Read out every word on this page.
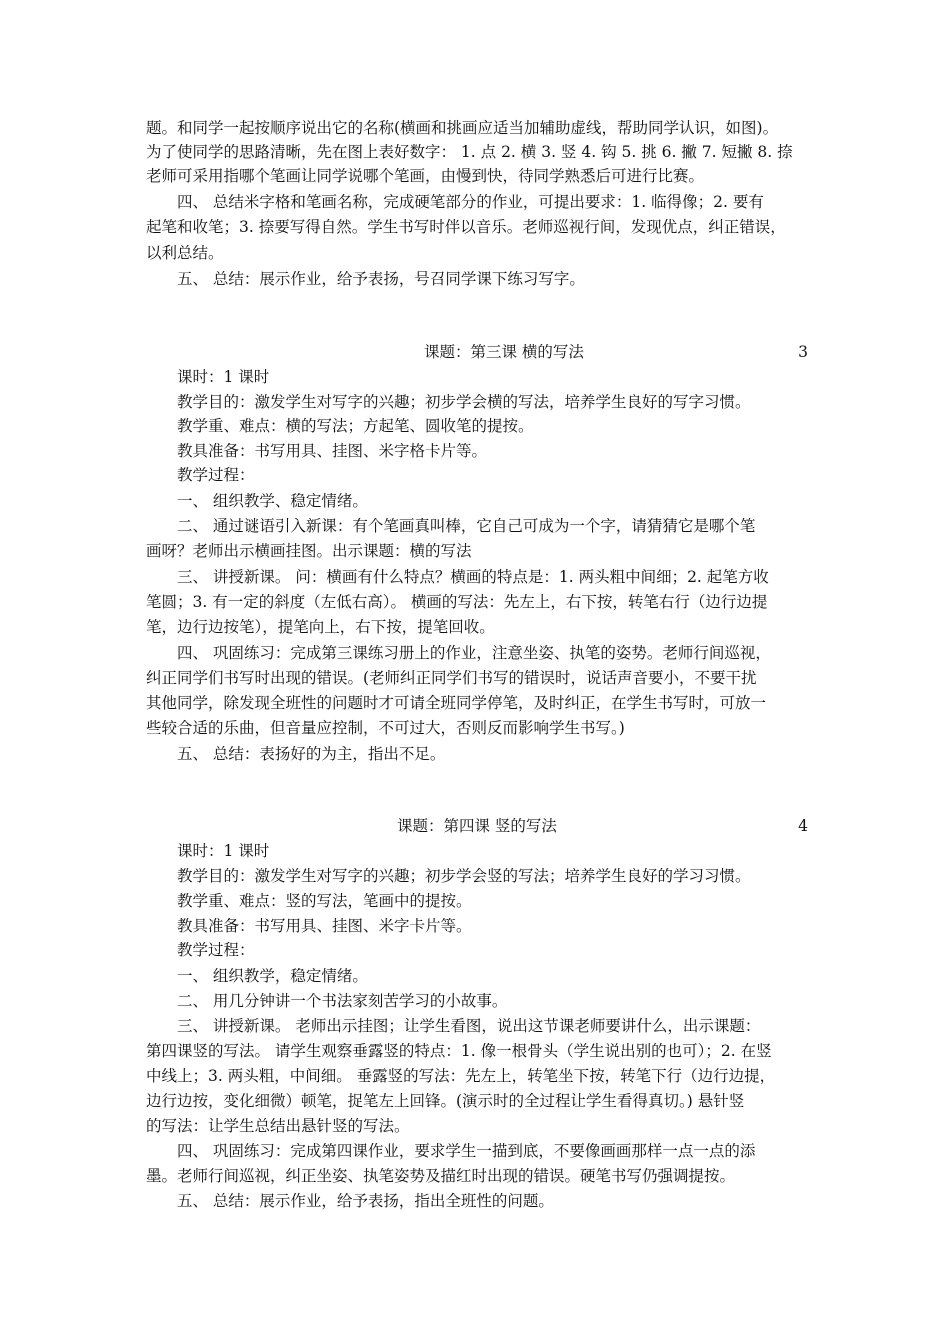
题。和同学一起按顺序说出它的名称(横画和挑画应适当加辅助虚线，帮助同学认识，如图)。
为了使同学的思路清晰，先在图上表好数字： 1. 点 2. 横 3. 竖 4. 钩 5. 挑 6. 撇 7. 短撇 8. 捺
老师可采用指哪个笔画让同学说哪个笔画，由慢到快，待同学熟悉后可进行比赛。
四、 总结米字格和笔画名称，完成硬笔部分的作业，可提出要求：1. 临得像；2. 要有
起笔和收笔；3. 捺要写得自然。学生书写时伴以音乐。老师巡视行间，发现优点，纠正错误，
以利总结。
五、 总结：展示作业，给予表扬，号召同学课下练习写字。
课题：第三课 横的写法	3
课时：1 课时
教学目的：激发学生对写字的兴趣；初步学会横的写法，培养学生良好的写字习惯。
教学重、难点：横的写法；方起笔、圆收笔的提按。
教具准备：书写用具、挂图、米字格卡片等。
教学过程：
一、 组织教学、稳定情绪。
二、 通过谜语引入新课：有个笔画真叫棒，它自己可成为一个字，请猜猜它是哪个笔
画呀？老师出示横画挂图。出示课题：横的写法
三、 讲授新课。 问：横画有什么特点？横画的特点是：1. 两头粗中间细；2. 起笔方收
笔圆；3. 有一定的斜度（左低右高）。 横画的写法：先左上，右下按，转笔右行（边行边提
笔，边行边按笔），提笔向上，右下按，提笔回收。
四、 巩固练习：完成第三课练习册上的作业，注意坐姿、执笔的姿势。老师行间巡视，
纠正同学们书写时出现的错误。(老师纠正同学们书写的错误时，说话声音要小，不要干扰
其他同学，除发现全班性的问题时才可请全班同学停笔，及时纠正，在学生书写时，可放一
些较合适的乐曲，但音量应控制，不可过大，否则反而影响学生书写。)
五、 总结：表扬好的为主，指出不足。
课题：第四课 竖的写法	4
课时：1 课时
教学目的：激发学生对写字的兴趣；初步学会竖的写法；培养学生良好的学习习惯。
教学重、难点：竖的写法，笔画中的提按。
教具准备：书写用具、挂图、米字卡片等。
教学过程：
一、 组织教学，稳定情绪。
二、 用几分钟讲一个书法家刻苦学习的小故事。
三、 讲授新课。 老师出示挂图；让学生看图，说出这节课老师要讲什么，出示课题：
第四课竖的写法。 请学生观察垂露竖的特点：1. 像一根骨头（学生说出别的也可）；2. 在竖
中线上；3. 两头粗，中间细。 垂露竖的写法：先左上，转笔坐下按，转笔下行（边行边提，
边行边按，变化细微）顿笔，捉笔左上回锋。(演示时的全过程让学生看得真切。) 悬针竖
的写法：让学生总结出悬针竖的写法。
四、 巩固练习：完成第四课作业，要求学生一描到底，不要像画画那样一点一点的添
墨。老师行间巡视，纠正坐姿、执笔姿势及描红时出现的错误。硬笔书写仍强调提按。
五、 总结：展示作业，给予表扬，指出全班性的问题。
